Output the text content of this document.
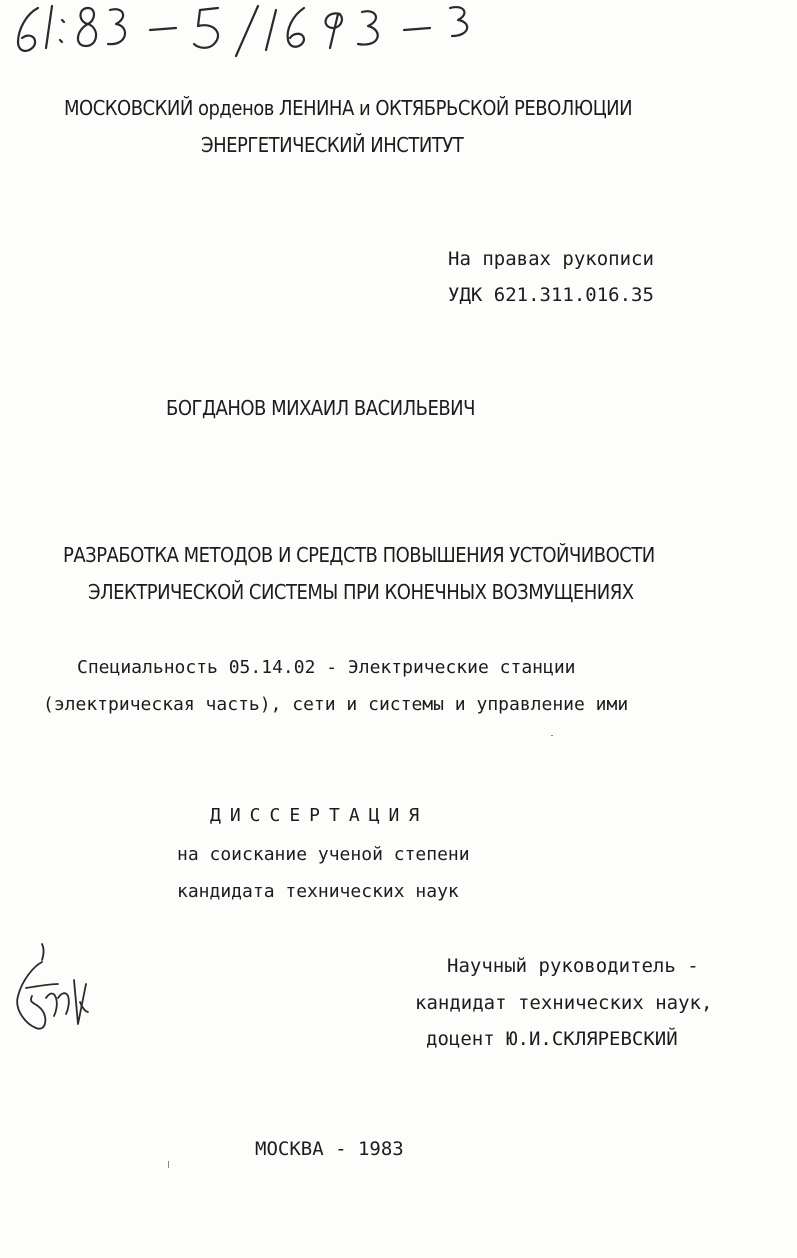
МОСКОВСКИЙ орденов ЛЕНИНА и ОКТЯБРЬСКОЙ РЕВОЛЮЦИИ
ЭНЕРГЕТИЧЕСКИЙ ИНСТИТУТ
На правах рукописи
УДК 621.311.016.35
БОГДАНОВ МИХАИЛ ВАСИЛЬЕВИЧ
РАЗРАБОТКА МЕТОДОВ И СРЕДСТВ ПОВЫШЕНИЯ УСТОЙЧИВОСТИ
ЭЛЕКТРИЧЕСКОЙ СИСТЕМЫ ПРИ КОНЕЧНЫХ ВОЗМУЩЕНИЯХ
Специальность 05.14.02 - Электрические станции
(электрическая часть), сети и системы и управление ими
ДИССЕРТАЦИЯ
на соискание ученой степени
кандидата технических наук
Научный руководитель -
кандидат технических наук,
доцент Ю.И.СКЛЯРЕВСКИЙ
МОСКВА - 1983
